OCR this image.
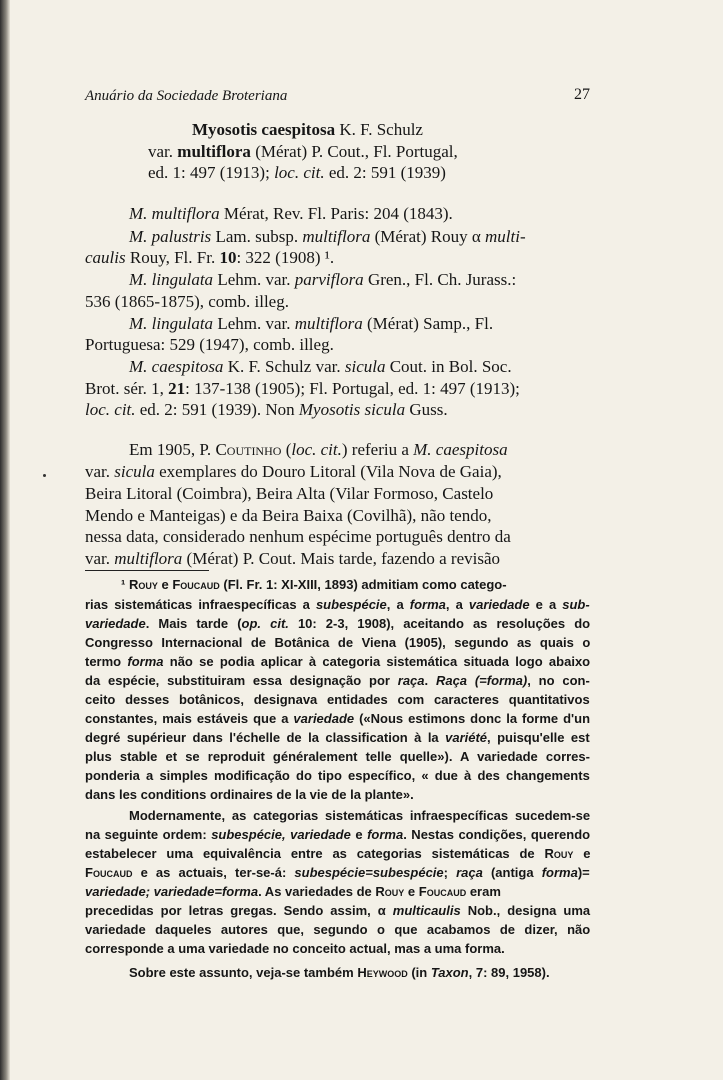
Anuário da Sociedade Broteriana	27

Myosotis caespitosa K. F. Schulz

var. multiflora (Mérat) P. Cout., Fl. Portugal,

ed. 1: 497 (1913); loc. cit. ed. 2: 591 (1939)

M. multiflora Mérat, Rev. Fl. Paris: 204 (1843).

M. palustris Lam. subsp. multiflora (Mérat) Rouy α multi-

caulis Rouy, Fl. Fr. 10: 322 (1908) ¹.

M. lingulata Lehm. var. parviflora Gren., Fl. Ch. Jurass.:

536 (1865-1875), comb. illeg.

M. lingulata Lehm. var. multiflora (Mérat) Samp., Fl.

Portuguesa: 529 (1947), comb. illeg.

M. caespitosa K. F. Schulz var. sicula Cout. in Bol. Soc.

Brot. sér. 1, 21: 137-138 (1905); Fl. Portugal, ed. 1: 497 (1913);

loc. cit. ed. 2: 591 (1939). Non Myosotis sicula Guss.

Em 1905, P. Coutinho (loc. cit.) referiu a M. caespitosa

var. sicula exemplares do Douro Litoral (Vila Nova de Gaia),

Beira Litoral (Coimbra), Beira Alta (Vilar Formoso, Castelo

Mendo e Manteigas) e da Beira Baixa (Covilhã), não tendo,

nessa data, considerado nenhum espécime português dentro da

var. multiflora (Mérat) P. Cout. Mais tarde, fazendo a revisão

¹ Rouy e Foucaud (Fl. Fr. 1: XI-XIII, 1893) admitiam como catego-

rias sistemáticas infraespecíficas a subespécie, a forma, a variedade e a sub-

variedade. Mais tarde (op. cit. 10: 2-3, 1908), aceitando as resoluções do

Congresso Internacional de Botânica de Viena (1905), segundo as quais o

termo forma não se podia aplicar à categoria sistemática situada logo abaixo

da espécie, substituiram essa designação por raça. Raça (=forma), no con-

ceito desses botânicos, designava entidades com caracteres quantitativos

constantes, mais estáveis que a variedade («Nous estimons donc la forme d'un

degré supérieur dans l'échelle de la classification à la variété, puisqu'elle est

plus stable et se reproduit généralement telle quelle»). A variedade corres-

ponderia a simples modificação do tipo específico, « due à des changements

dans les conditions ordinaires de la vie de la plante».

Modernamente, as categorias sistemáticas infraespecíficas sucedem-se

na seguinte ordem: subespécie, variedade e forma. Nestas condições, querendo

estabelecer uma equivalência entre as categorias sistemáticas de Rouy e

Foucaud e as actuais, ter-se-á: subespécie=subespécie; raça (antiga forma)=

variedade; variedade=forma. As variedades de Rouy e Foucaud eram

precedidas por letras gregas. Sendo assim, α multicaulis Nob., designa uma

variedade daqueles autores que, segundo o que acabamos de dizer, não

corresponde a uma variedade no conceito actual, mas a uma forma.

Sobre este assunto, veja-se também Heywood (in Taxon, 7: 89, 1958).
